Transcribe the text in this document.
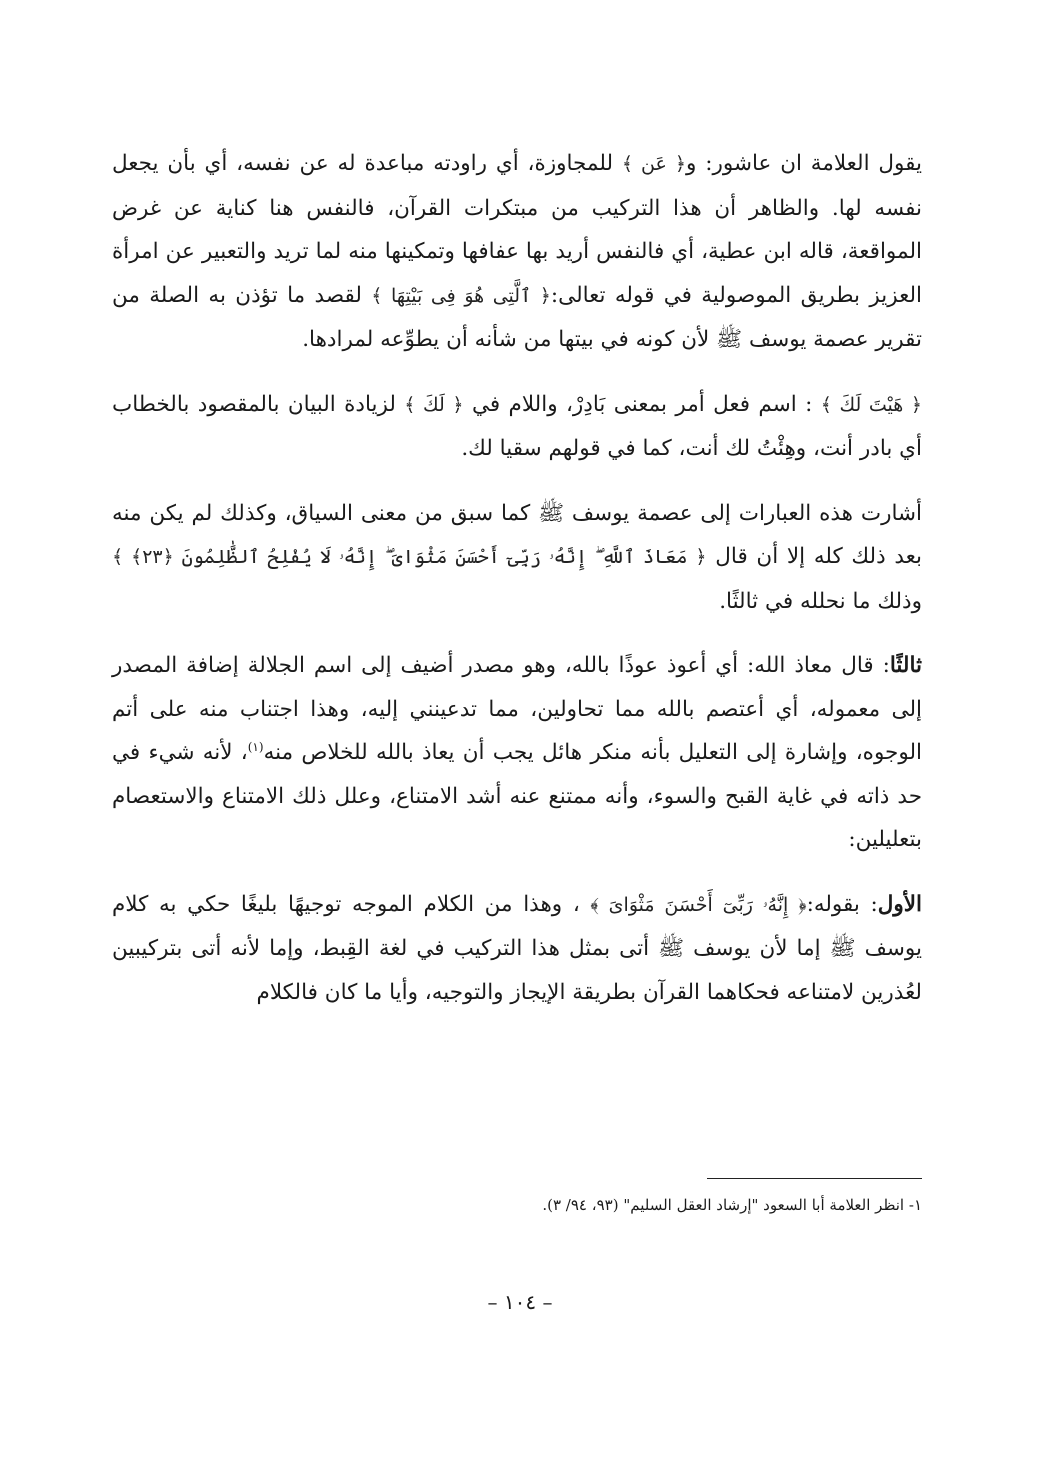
يقول العلامة ان عاشور: و﴿ عَن ﴾ للمجاوزة، أي راودته مباعدة له عن نفسه، أي بأن يجعل نفسه لها. والظاهر أن هذا التركيب من مبتكرات القرآن، فالنفس هنا كناية عن غرض المواقعة، قاله ابن عطية، أي فالنفس أريد بها عفافها وتمكينها منه لما تريد والتعبير عن امرأة العزيز بطريق الموصولية في قوله تعالى:﴿ ٱلَّتِى هُوَ فِى بَيْتِهَا ﴾ لقصد ما تؤذن به الصلة من تقرير عصمة يوسف ﷺ لأن كونه في بيتها من شأنه أن يطوِّعه لمرادها.

﴿ هَيْتَ لَكَ ﴾ : اسم فعل أمر بمعنى بَادِرْ، واللام في ﴿ لَكَ ﴾ لزيادة البيان بالمقصود بالخطاب أي بادر أنت، وهِئْتُ لك أنت، كما في قولهم سقيا لك.

أشارت هذه العبارات إلى عصمة يوسف ﷺ كما سبق من معنى السياق، وكذلك لم يكن منه بعد ذلك كله إلا أن قال ﴿ مَعَاذَ ٱللَّهِ ۖ إِنَّهُۥ رَبِّىٓ أَحْسَنَ مَثْوَاىَ ۖ إِنَّهُۥ لَا يُفْلِحُ ٱلظَّٰلِمُونَ ﴿٢٣﴾ ﴾ وذلك ما نحلله في ثالثًا.

ثالثًا: قال معاذ الله: أي أعوذ عوذًا بالله، وهو مصدر أضيف إلى اسم الجلالة إضافة المصدر إلى معموله، أي أعتصم بالله مما تحاولين، مما تدعينني إليه، وهذا اجتناب منه على أتم الوجوه، وإشارة إلى التعليل بأنه منكر هائل يجب أن يعاذ بالله للخلاص منه$^{(١)}$، لأنه شيء في حد ذاته في غاية القبح والسوء، وأنه ممتنع عنه أشد الامتناع، وعلل ذلك الامتناع والاستعصام بتعليلين:

الأول: بقوله:﴿ إِنَّهُۥ رَبِّىٓ أَحْسَنَ مَثْوَاىَ ﴾ ، وهذا من الكلام الموجه توجيهًا بليغًا حكي به كلام يوسف ﷺ إما لأن يوسف ﷺ أتى بمثل هذا التركيب في لغة القِبط، وإما لأنه أتى بتركيبين لعُذرين لامتناعه فحكاهما القرآن بطريقة الإيجاز والتوجيه، وأيا ما كان فالكلام

١- انظر العلامة أبا السعود "إرشاد العقل السليم" (٩٣، ٩٤/ ٣).
– ١٠٤ –
